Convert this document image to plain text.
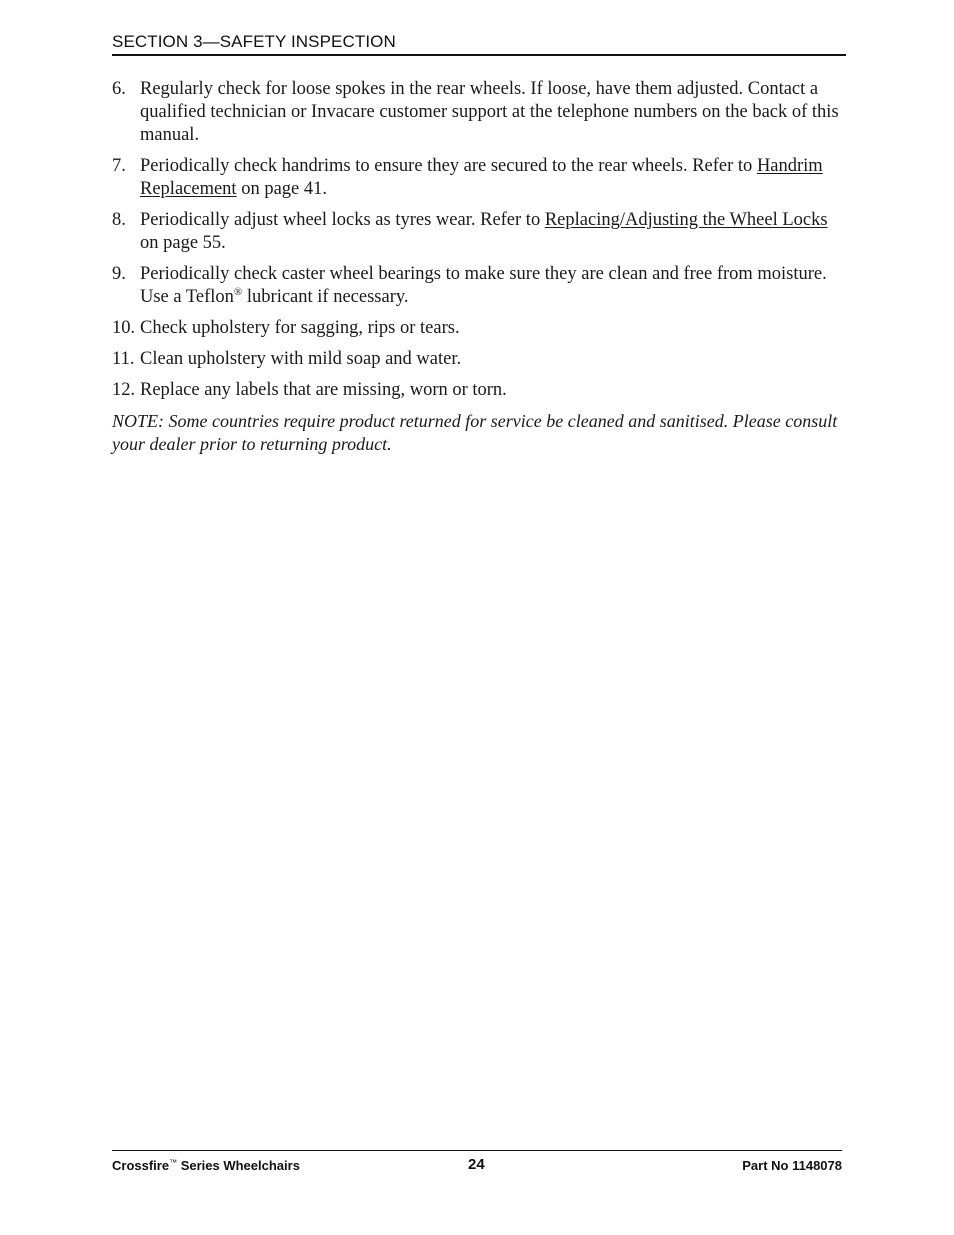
SECTION 3—SAFETY INSPECTION
6. Regularly check for loose spokes in the rear wheels. If loose, have them adjusted. Contact a qualified technician or Invacare customer support at the telephone numbers on the back of this manual.
7. Periodically check handrims to ensure they are secured to the rear wheels. Refer to Handrim Replacement on page 41.
8. Periodically adjust wheel locks as tyres wear. Refer to Replacing/Adjusting the Wheel Locks on page 55.
9. Periodically check caster wheel bearings to make sure they are clean and free from moisture. Use a Teflon® lubricant if necessary.
10. Check upholstery for sagging, rips or tears.
11. Clean upholstery with mild soap and water.
12. Replace any labels that are missing, worn or torn.
NOTE: Some countries require product returned for service be cleaned and sanitised. Please consult your dealer prior to returning product.
Crossfire™ Series Wheelchairs	24	Part No 1148078
